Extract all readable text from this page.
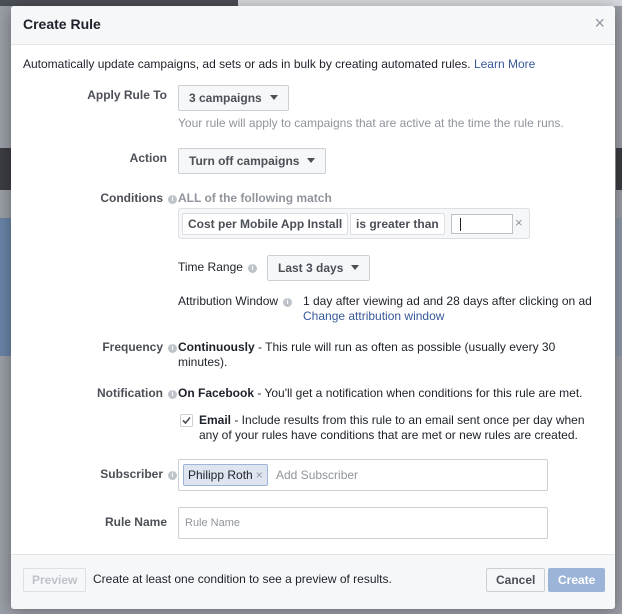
Create Rule	×
Automatically update campaigns, ad sets or ads in bulk by creating automated rules. Learn More
Apply Rule To	3 campaigns
Your rule will apply to campaigns that are active at the time the rule runs.
Action	Turn off campaigns
Conditions i ALL of the following match
Cost per Mobile App Install	is greater than	×
Time Range i	Last 3 days
Attribution Window i 1 day after viewing ad and 28 days after clicking on ad
Change attribution window
Frequency i Continuously - This rule will run as often as possible (usually every 30
minutes).
Notification i On Facebook - You'll get a notification when conditions for this rule are met.
Email - Include results from this rule to an email sent once per day when
any of your rules have conditions that are met or new rules are created.
Subscriber i	Philipp Roth ×	Add Subscriber
Rule Name Rule Name
Preview	Create at least one condition to see a preview of results.	Cancel	Create
